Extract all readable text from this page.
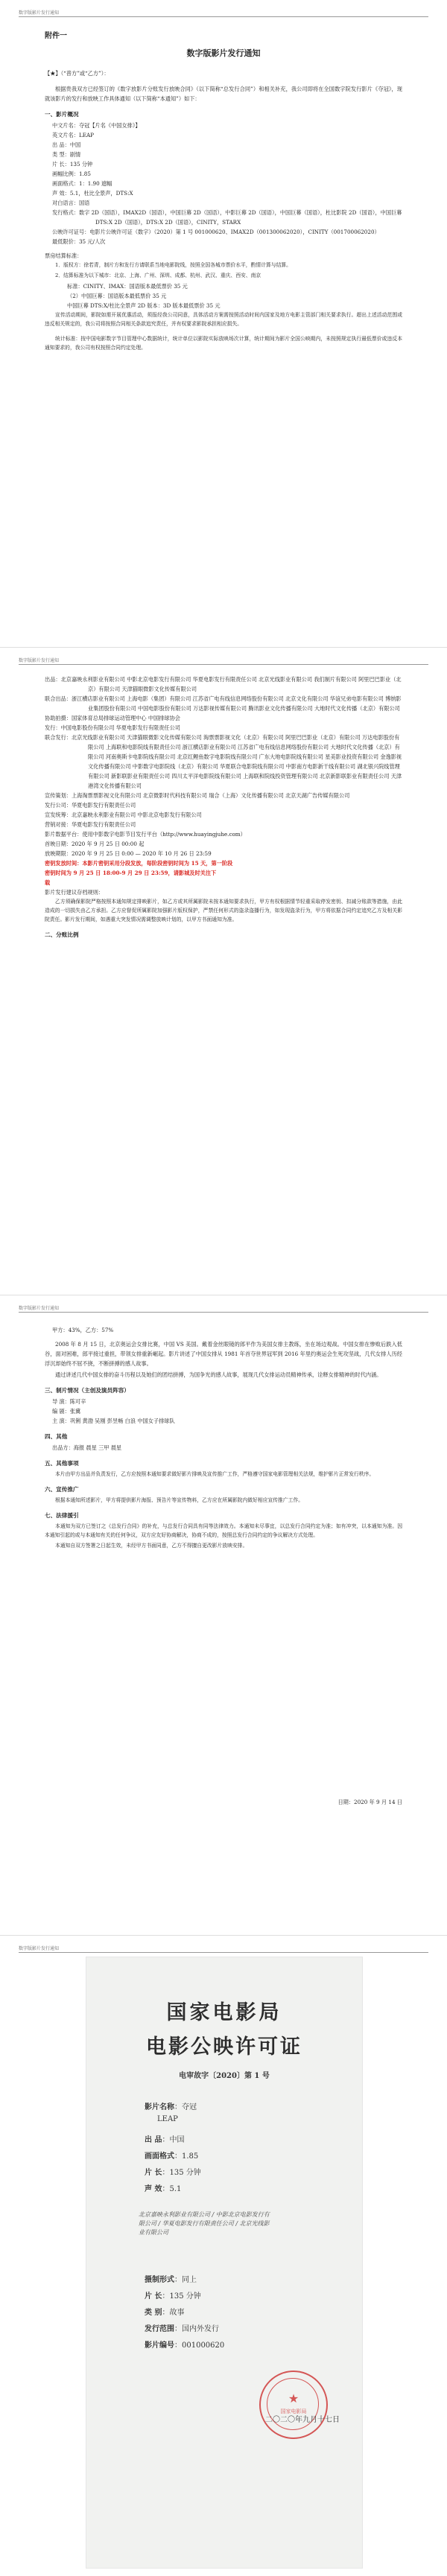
数字版影片发行通知
附件一
数字版影片发行通知
【★】（“普方”或“乙方”）：
根据贵我双方已经签订的《数字放影片分账发行放映合同》（以下简称“总发行合同”）和相关补充，我公司即将在全国数字院发行影片《夺冠》，现就该影片的发行和放映工作具体通知（以下简称“本通知”）如下：
一、影片概况
中文片名：夺冠【片名《中国女排》】
英文片名：LEAP
出 品：中国
类 型：剧情
片 长：135 分钟
画幅比例：1.85
画面格式：1：1.90 遮幅
声 效：5.1，杜比全景声，DTS:X
对白语言：国语
发行格式：数字 2D（国语），IMAX2D（国语），中国巨幕 2D（国语），中影巨幕 2D（国语），中国巨幕（国语），杜比影院 2D（国语），中国巨幕 DTS:X 2D（国语），DTS:X 2D（国语），CINITY，STARX
公映许可证号：电影片公映许可证（数字）（2020）第 1 号 001000620、IMAX2D（001300062020），CINITY（001700062020）
最低限价：35 元/人次
票房结算标准：
1．版权方：徐若青，制片方和发行方请联系当地电影院线，按照全国各城市票价水平，酌情计算与结算。
2．结算标准为以下城市：北京、上海、广州、深圳、成都、杭州、武汉、重庆、西安、南京
标准：CINITY、IMAX：国语版本最低票价 35 元
（2）中国巨幕：国语版本最低票价 35 元
中国巨幕 DTS:X/杜比全景声 2D 版本：3D 版本最低票价 35 元
宣传活动期间，影院如需开展优惠活动，须报经我公司同意，具体活动方案需按照活动时间内国家及地方电影主管部门相关要求执行。超出上述活动范围或违反相关规定的，我公司将按照合同相关条款追究责任，并有权要求影院承担相应损失。
统计标准：按中国电影数字节目管理中心数据统计，统计单位以影院实际放映场次计算，统计期间为影片全国公映期内，未按照规定执行最低票价或违反本通知要求的，我公司有权按照合同约定处理。
数字版影片发行通知
出品：北京嘉映永利影业有限公司 中影北京电影发行有限公司 华夏电影发行有限责任公司 北京光线影业有限公司 我们制片有限公司 阿里巴巴影业（北京）有限公司 天津猫眼微影文化传媒有限公司
联合出品：浙江横店影业有限公司 上海电影（集团）有限公司 江苏省广电有线信息网络股份有限公司 北京文化有限公司 华谊兄弟电影有限公司 博纳影业集团股份有限公司 中国电影股份有限公司 万达影视传媒有限公司 腾讯影业文化传播有限公司 大地时代文化传播（北京）有限公司
协助拍摄：国家体育总局排球运动管理中心 中国排球协会
发行：中国电影股份有限公司 华夏电影发行有限责任公司
联合发行：北京光线影业有限公司 天津猫眼微影文化传媒有限公司 淘票票影视文化（北京）有限公司 阿里巴巴影业（北京）有限公司 万达电影股份有限公司 上海联和电影院线有限责任公司 浙江横店影业有限公司 江苏省广电有线信息网络股份有限公司 大地时代文化传播（北京）有限公司 河南奥斯卡电影院线有限公司 北京红鲤鱼数字电影院线有限公司 广东大地电影院线有限公司 星美影业投资有限公司 金逸影视文化传播有限公司 中影数字电影院线（北京）有限公司 华夏联合电影院线有限公司 中影南方电影新干线有限公司 湖北银兴院线管理有限公司 新影联影业有限责任公司 四川太平洋电影院线有限公司 上海联和院线投资管理有限公司 北京新影联影业有限责任公司 天津港湾文化传播有限公司
宣传策划：上海淘票票影视文化有限公司 北京微影时代科技有限公司 瑞合（上海）文化传播有限公司 北京天湖广告传媒有限公司
发行公司：华夏电影发行有限责任公司
宣发统筹：北京嘉映永利影业有限公司 中影北京电影发行有限公司
营销对接：华夏电影发行有限责任公司
影片数据平台：使用中影数字电影节目发行平台（http://www.huayingjuhe.com）
首映日期：2020 年 9 月 25 日 00:00 起
放映期限：2020 年 9 月 25 日 0:00 — 2020 年 10 月 26 日 23:59
密钥发放时间：本影片密钥采用分段发放，每阶段密钥时间为 15 天，第一阶段
密钥时间为 9 月 25 日 18:00-9 月 29 日 23:59，请影城及时关注下
载
影片发行建议存档规则：
乙方须确保影院严格按照本通知规定排映影片，如乙方或其所属影院未按本通知要求执行，甲方有权根据情节轻重采取停发密钥、扣减分账款等措施，由此造成的一切损失由乙方承担。乙方应督促所属影院加强影片版权保护，严禁任何形式的盗录盗播行为，如发现盗录行为，甲方将依据合同约定追究乙方及相关影院责任。影片发行期间，如遇重大突发情况需调整放映计划的，以甲方书面通知为准。
二、分账比例
数字版影片发行通知
甲方：43%，乙方：57%
2008 年 8 月 15 日，北京奥运会女排比赛，中国 VS 美国。戴着金丝眼镜的郎平作为美国女排主教练，坐在场边观战。中国女排在惨败后跌入低谷，面对困难，郎平接过重担，带领女排重新崛起。影片讲述了中国女排从 1981 年首夺世界冠军到 2016 年里约奥运会生死攻坚战，几代女排人历经浮沉却始终不屈不挠，不断拼搏的感人故事。
通过讲述几代中国女排的奋斗历程以及她们的团结拼搏，为国争光的感人故事，展现几代女排运动员精神传承，诠释女排精神的时代内涵。
三、制片情况（主创及演员阵容）
导 演：陈可辛
编 剧：张冀
主 演：巩俐 黄渤 吴刚 彭昱畅 白浪 中国女子排球队
四、其他
出品方：海报 晨星 三甲 晨星
五、其他事项
本片由甲方出品并负责发行，乙方应按照本通知要求做好影片排映及宣传推广工作，严格遵守国家电影管理相关法规，维护影片正常发行秩序。
六、宣传推广
根据本通知所述影片，甲方将提供影片海报、预告片等宣传物料，乙方应在所属影院内做好相应宣传推广工作。
七、法律援引
本通知为双方已签订之《总发行合同》的补充，与总发行合同具有同等法律效力。本通知未尽事宜，以总发行合同约定为准；如有冲突，以本通知为准。因本通知引起的或与本通知有关的任何争议，双方应友好协商解决，协商不成的，按照总发行合同约定的争议解决方式处理。
本通知自双方签署之日起生效，未经甲方书面同意，乙方不得擅自更改影片放映安排。
日期：2020 年 9 月 14 日
数字版影片发行通知
国家电影局
电影公映许可证
电审故字〔2020〕第 1 号
影片名称：夺冠
LEAP
出 品：中国
画面格式：1.85
片 长：135 分钟
声 效：5.1
北京嘉映永利影业有限公司 / 中影北京电影发行有限公司 / 华夏电影发行有限责任公司 / 北京光线影业有限公司
摄制形式：同上
片 长：135 分钟
类 别：故事
发行范围：国内外发行
影片编号：001000620
★
国家电影局
二〇二〇年九月十七日
